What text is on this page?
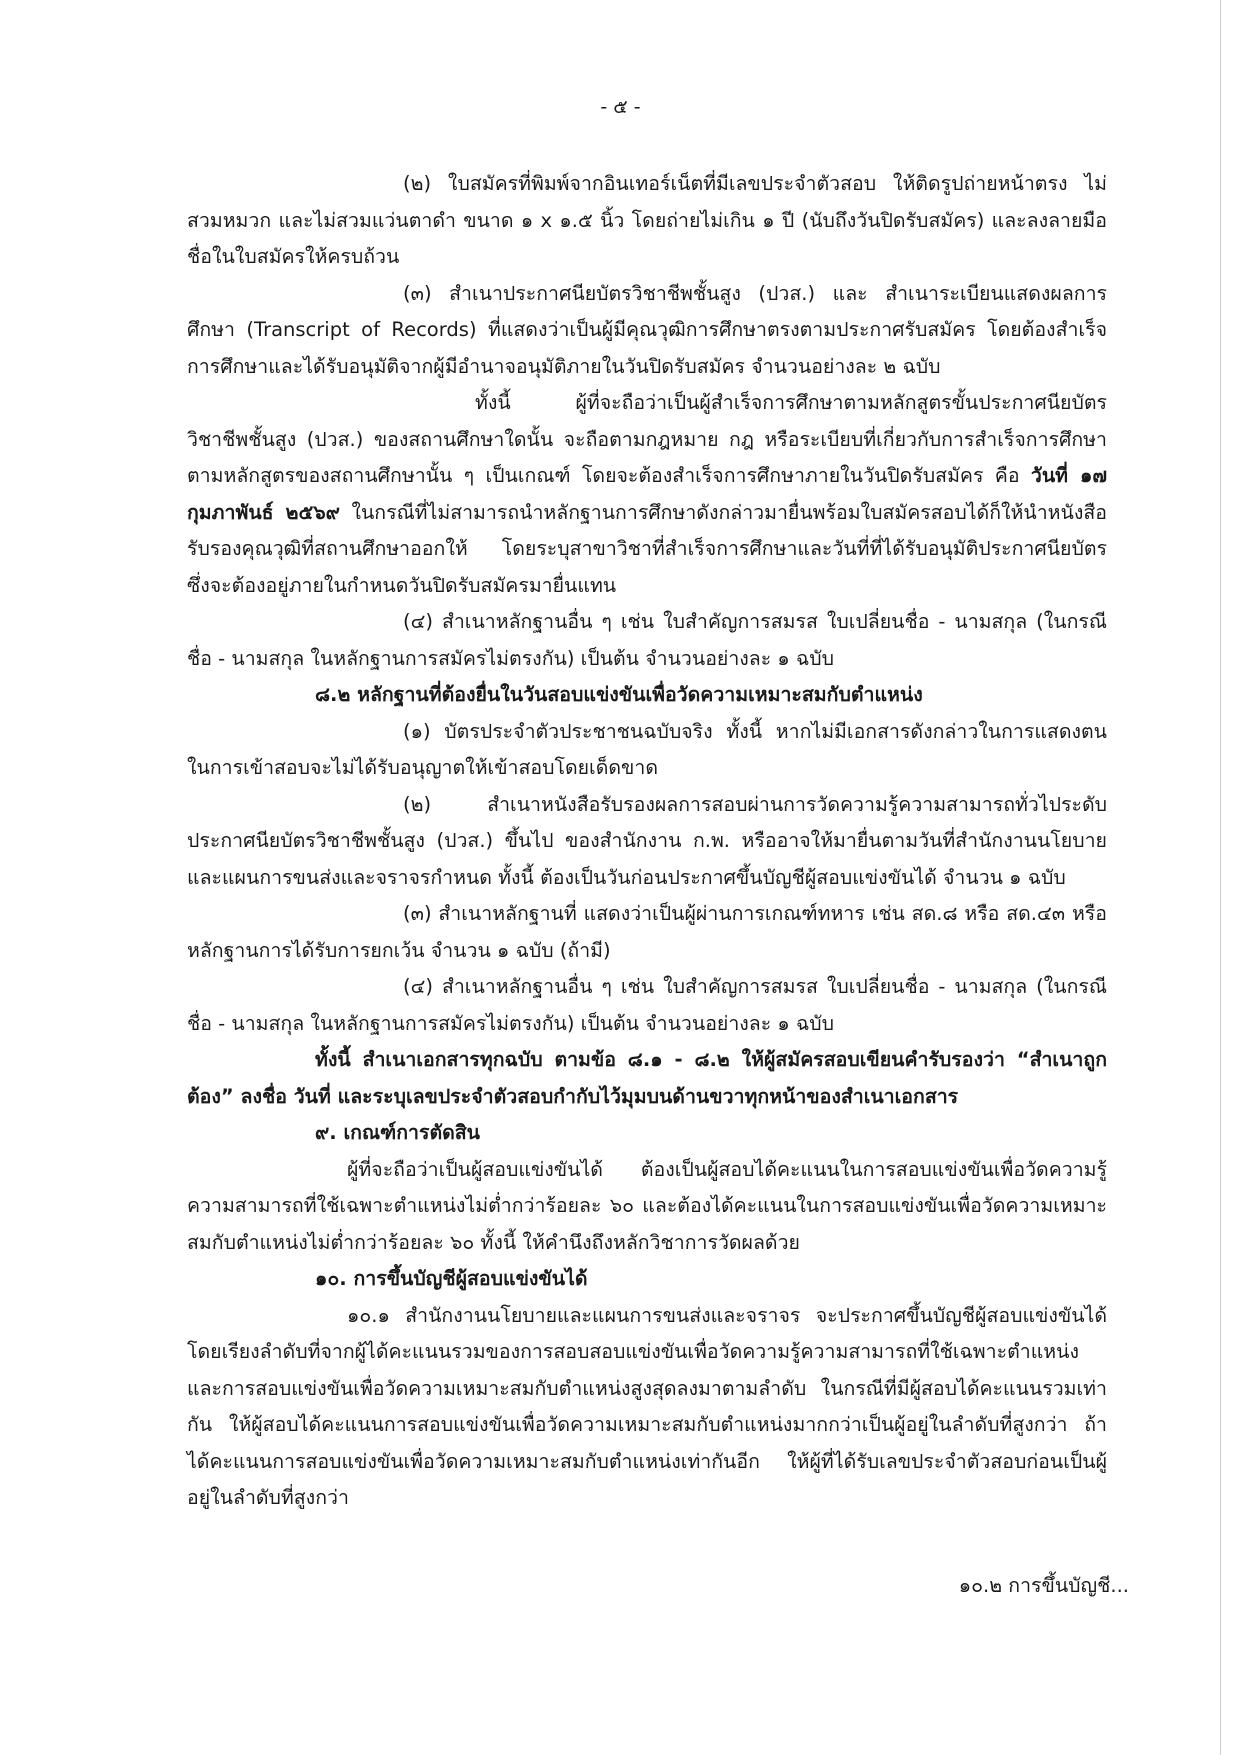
- ๕ -

(๒) ใบสมัครที่พิมพ์จากอินเทอร์เน็ตที่มีเลขประจำตัวสอบ ให้ติดรูปถ่ายหน้าตรง ไม่สวมหมวก และไม่สวมแว่นตาดำ ขนาด ๑ x ๑.๕ นิ้ว โดยถ่ายไม่เกิน ๑ ปี (นับถึงวันปิดรับสมัคร) และลงลายมือชื่อในใบสมัครให้ครบถ้วน

(๓) สำเนาประกาศนียบัตรวิชาชีพชั้นสูง (ปวส.) และ สำเนาระเบียนแสดงผลการศึกษา (Transcript of Records) ที่แสดงว่าเป็นผู้มีคุณวุฒิการศึกษาตรงตามประกาศรับสมัคร โดยต้องสำเร็จการศึกษาและได้รับอนุมัติจากผู้มีอำนาจอนุมัติภายในวันปิดรับสมัคร จำนวนอย่างละ ๒ ฉบับ

ทั้งนี้ ผู้ที่จะถือว่าเป็นผู้สำเร็จการศึกษาตามหลักสูตรขั้นประกาศนียบัตรวิชาชีพชั้นสูง (ปวส.) ของสถานศึกษาใดนั้น จะถือตามกฎหมาย กฎ หรือระเบียบที่เกี่ยวกับการสำเร็จการศึกษาตามหลักสูตรของสถานศึกษานั้น ๆ เป็นเกณฑ์ โดยจะต้องสำเร็จการศึกษาภายในวันปิดรับสมัคร คือ วันที่ ๑๗ กุมภาพันธ์ ๒๕๖๙ ในกรณีที่ไม่สามารถนำหลักฐานการศึกษาดังกล่าวมายื่นพร้อมใบสมัครสอบได้ก็ให้นำหนังสือรับรองคุณวุฒิที่สถานศึกษาออกให้ โดยระบุสาขาวิชาที่สำเร็จการศึกษาและวันที่ที่ได้รับอนุมัติประกาศนียบัตร ซึ่งจะต้องอยู่ภายในกำหนดวันปิดรับสมัครมายื่นแทน

(๔) สำเนาหลักฐานอื่น ๆ เช่น ใบสำคัญการสมรส ใบเปลี่ยนชื่อ - นามสกุล (ในกรณีชื่อ - นามสกุล ในหลักฐานการสมัครไม่ตรงกัน) เป็นต้น จำนวนอย่างละ ๑ ฉบับ

๘.๒ หลักฐานที่ต้องยื่นในวันสอบแข่งขันเพื่อวัดความเหมาะสมกับตำแหน่ง

(๑) บัตรประจำตัวประชาชนฉบับจริง ทั้งนี้ หากไม่มีเอกสารดังกล่าวในการแสดงตนในการเข้าสอบจะไม่ได้รับอนุญาตให้เข้าสอบโดยเด็ดขาด

(๒) สำเนาหนังสือรับรองผลการสอบผ่านการวัดความรู้ความสามารถทั่วไประดับประกาศนียบัตรวิชาชีพชั้นสูง (ปวส.) ขึ้นไป ของสำนักงาน ก.พ. หรืออาจให้มายื่นตามวันที่สำนักงานนโยบายและแผนการขนส่งและจราจรกำหนด ทั้งนี้ ต้องเป็นวันก่อนประกาศขึ้นบัญชีผู้สอบแข่งขันได้ จำนวน ๑ ฉบับ

(๓) สำเนาหลักฐานที่ แสดงว่าเป็นผู้ผ่านการเกณฑ์ทหาร เช่น สด.๘ หรือ สด.๔๓ หรือหลักฐานการได้รับการยกเว้น จำนวน ๑ ฉบับ (ถ้ามี)

(๔) สำเนาหลักฐานอื่น ๆ เช่น ใบสำคัญการสมรส ใบเปลี่ยนชื่อ - นามสกุล (ในกรณีชื่อ - นามสกุล ในหลักฐานการสมัครไม่ตรงกัน) เป็นต้น จำนวนอย่างละ ๑ ฉบับ

ทั้งนี้ สำเนาเอกสารทุกฉบับ ตามข้อ ๘.๑ - ๘.๒ ให้ผู้สมัครสอบเขียนคำรับรองว่า “สำเนาถูกต้อง” ลงชื่อ วันที่ และระบุเลขประจำตัวสอบกำกับไว้มุมบนด้านขวาทุกหน้าของสำเนาเอกสาร

๙. เกณฑ์การตัดสิน

ผู้ที่จะถือว่าเป็นผู้สอบแข่งขันได้ ต้องเป็นผู้สอบได้คะแนนในการสอบแข่งขันเพื่อวัดความรู้ความสามารถที่ใช้เฉพาะตำแหน่งไม่ต่ำกว่าร้อยละ ๖๐ และต้องได้คะแนนในการสอบแข่งขันเพื่อวัดความเหมาะสมกับตำแหน่งไม่ต่ำกว่าร้อยละ ๖๐ ทั้งนี้ ให้คำนึงถึงหลักวิชาการวัดผลด้วย

๑๐. การขึ้นบัญชีผู้สอบแข่งขันได้

๑๐.๑ สำนักงานนโยบายและแผนการขนส่งและจราจร จะประกาศขึ้นบัญชีผู้สอบแข่งขันได้ โดยเรียงลำดับที่จากผู้ได้คะแนนรวมของการสอบสอบแข่งขันเพื่อวัดความรู้ความสามารถที่ใช้เฉพาะตำแหน่งและการสอบแข่งขันเพื่อวัดความเหมาะสมกับตำแหน่งสูงสุดลงมาตามลำดับ ในกรณีที่มีผู้สอบได้คะแนนรวมเท่ากัน ให้ผู้สอบได้คะแนนการสอบแข่งขันเพื่อวัดความเหมาะสมกับตำแหน่งมากกว่าเป็นผู้อยู่ในลำดับที่สูงกว่า ถ้าได้คะแนนการสอบแข่งขันเพื่อวัดความเหมาะสมกับตำแหน่งเท่ากันอีก ให้ผู้ที่ได้รับเลขประจำตัวสอบก่อนเป็นผู้อยู่ในลำดับที่สูงกว่า

๑๐.๒ การขึ้นบัญชี...
